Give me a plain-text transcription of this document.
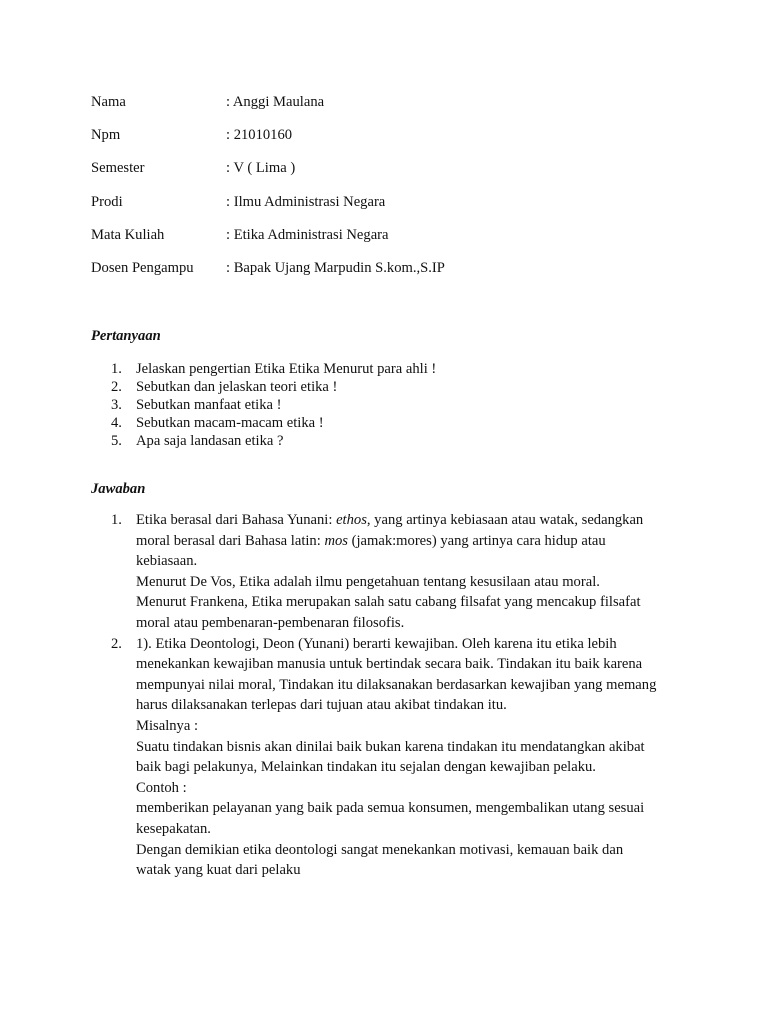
Nama	: Anggi Maulana
Npm	: 21010160
Semester	: V ( Lima )
Prodi	: Ilmu Administrasi Negara
Mata Kuliah	: Etika Administrasi Negara
Dosen Pengampu : Bapak Ujang Marpudin S.kom.,S.IP
Pertanyaan
1. Jelaskan pengertian Etika Etika Menurut para ahli !
2. Sebutkan dan jelaskan teori etika !
3. Sebutkan manfaat etika !
4. Sebutkan macam-macam etika !
5. Apa saja landasan etika ?
Jawaban
1. Etika berasal dari Bahasa Yunani: ethos, yang artinya kebiasaan atau watak, sedangkan
moral berasal dari Bahasa latin: mos (jamak:mores) yang artinya cara hidup atau
kebiasaan.
Menurut De Vos, Etika adalah ilmu pengetahuan tentang kesusilaan atau moral.
Menurut Frankena, Etika merupakan salah satu cabang filsafat yang mencakup filsafat
moral atau pembenaran-pembenaran filosofis.
2. 1). Etika Deontologi, Deon (Yunani) berarti kewajiban. Oleh karena itu etika lebih
menekankan kewajiban manusia untuk bertindak secara baik. Tindakan itu baik karena
mempunyai nilai moral, Tindakan itu dilaksanakan berdasarkan kewajiban yang memang
harus dilaksanakan terlepas dari tujuan atau akibat tindakan itu.
Misalnya :
Suatu tindakan bisnis akan dinilai baik bukan karena tindakan itu mendatangkan akibat
baik bagi pelakunya, Melainkan tindakan itu sejalan dengan kewajiban pelaku.
Contoh :
memberikan pelayanan yang baik pada semua konsumen, mengembalikan utang sesuai
kesepakatan.
Dengan demikian etika deontologi sangat menekankan motivasi, kemauan baik dan
watak yang kuat dari pelaku
